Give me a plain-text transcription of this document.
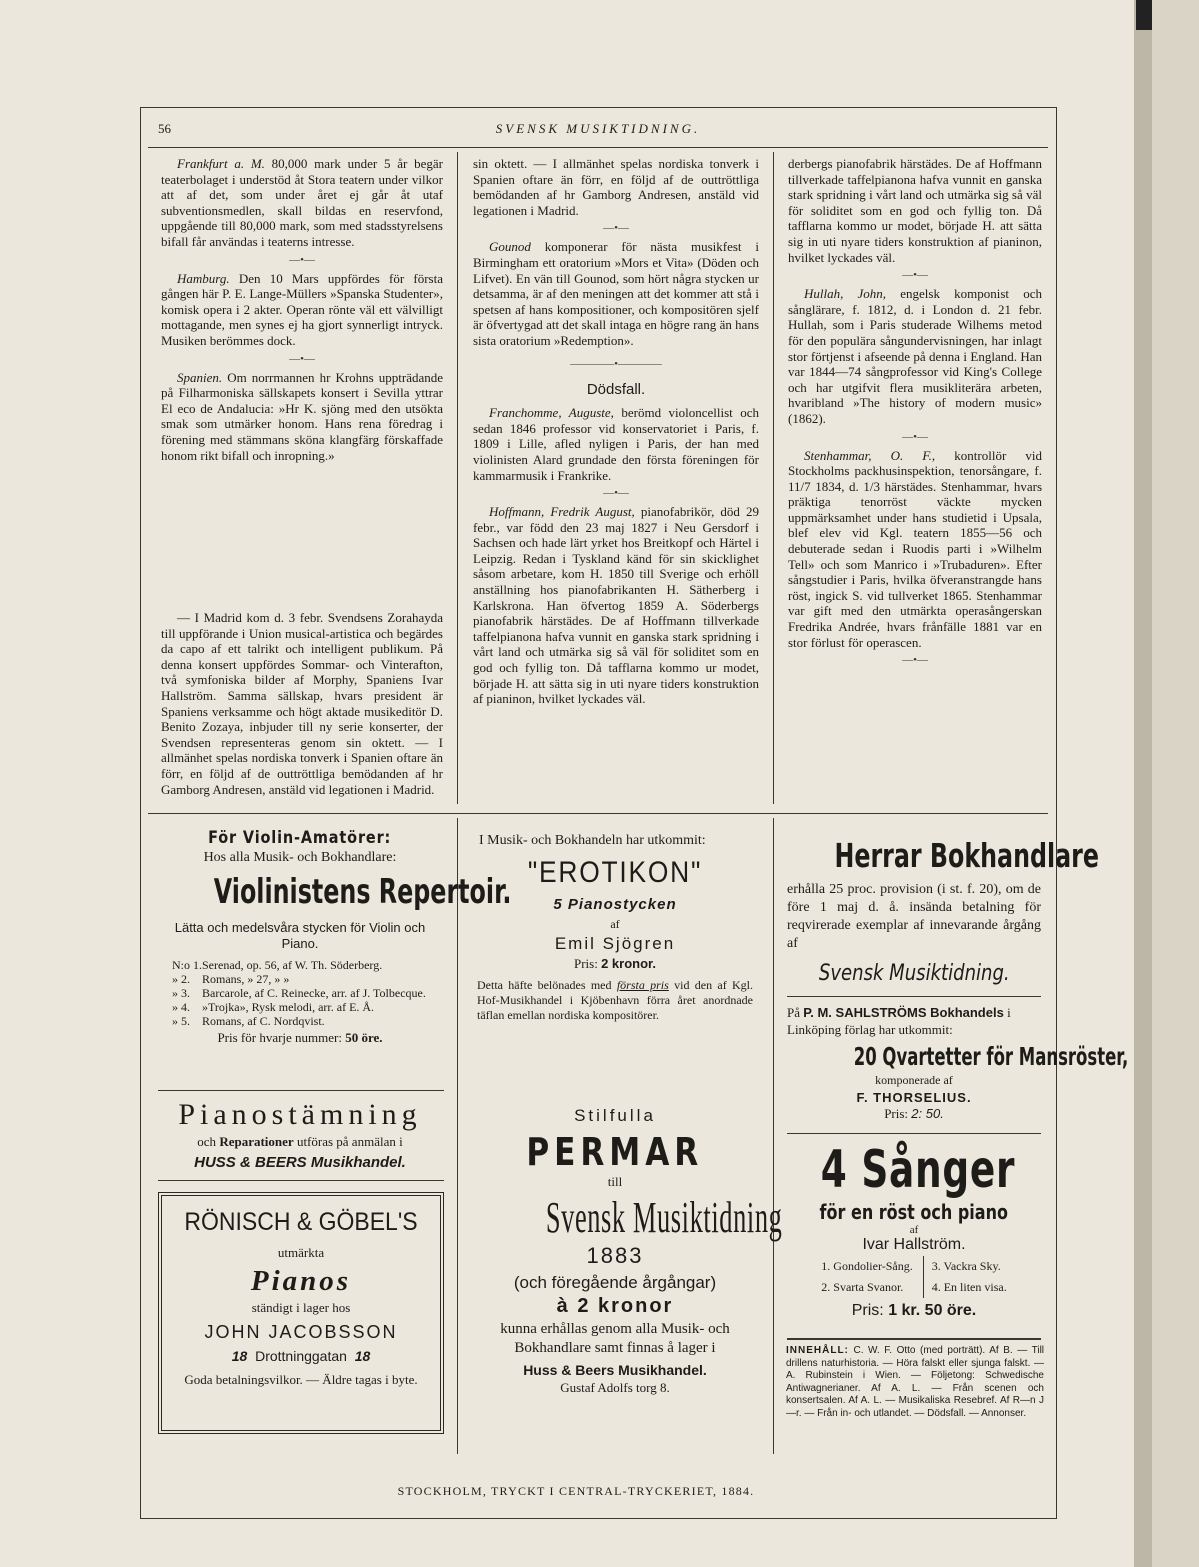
56	SVENSK MUSIKTIDNING.

Frankfurt a. M. 80,000 mark under 5 år begär teaterbolaget i understöd åt Stora teatern under vilkor att af det, som under året ej går åt utaf subventionsmedlen, skall bildas en reservfond, uppgående till 80,000 mark, som med stadsstyrelsens bifall får användas i teaterns intresse.

—•—

Hamburg. Den 10 Mars uppfördes för första gången här P. E. Lange-Müllers »Spanska Studenter», komisk opera i 2 akter. Operan rönte väl ett välvilligt mottagande, men synes ej ha gjort synnerligt intryck. Musiken berömmes dock.

—•—

Spanien. Om norrmannen hr Krohns uppträdande på Filharmoniska sällskapets konsert i Sevilla yttrar El eco de Andalucia: »Hr K. sjöng med den utsökta smak som utmärker honom. Hans rena föredrag i förening med stämmans sköna klangfärg förskaffade honom rikt bifall och inropning.»

— I Madrid kom d. 3 febr. Svendsens Zorahayda till uppförande i Union musical-artistica och begärdes da capo af ett talrikt och intelligent publikum. På denna konsert uppfördes Sommar- och Vinterafton, två symfoniska bilder af Morphy, Spaniens Ivar Hallström. Samma sällskap, hvars president är Spaniens verksamme och högt aktade musikeditör D. Benito Zozaya, inbjuder till ny serie konserter, der Svendsen representeras genom sin oktett. — I allmänhet spelas nordiska tonverk i Spanien oftare än förr, en följd af de outtröttliga bemödanden af hr Gamborg Andresen, anstäld vid legationen i Madrid.

sin oktett. — I allmänhet spelas nordiska tonverk i Spanien oftare än förr, en följd af de outtröttliga bemödanden af hr Gamborg Andresen, anstäld vid legationen i Madrid.

—•—

Gounod komponerar för nästa musikfest i Birmingham ett oratorium »Mors et Vita» (Döden och Lifvet). En vän till Gounod, som hört några stycken ur detsamma, är af den meningen att det kommer att stå i spetsen af hans kompositioner, och kompositören sjelf är öfvertygad att det skall intaga en högre rang än hans sista oratorium »Redemption».

————•————
Dödsfall.

Franchomme, Auguste, berömd violoncellist och sedan 1846 professor vid konservatoriet i Paris, f. 1809 i Lille, afled nyligen i Paris, der han med violinisten Alard grundade den första föreningen för kammarmusik i Frankrike.

—•—

Hoffmann, Fredrik August, pianofabrikör, död 29 febr., var född den 23 maj 1827 i Neu Gersdorf i Sachsen och hade lärt yrket hos Breitkopf och Härtel i Leipzig. Redan i Tyskland känd för sin skicklighet såsom arbetare, kom H. 1850 till Sverige och erhöll anställning hos pianofabrikanten H. Sätherberg i Karlskrona. Han öfvertog 1859 A. Söderbergs pianofabrik härstädes. De af Hoffmann tillverkade taffelpianona hafva vunnit en ganska stark spridning i vårt land och utmärka sig så väl för soliditet som en god och fyllig ton. Då tafflarna kommo ur modet, började H. att sätta sig in uti nyare tiders konstruktion af pianinon, hvilket lyckades väl.

derbergs pianofabrik härstädes. De af Hoffmann tillverkade taffelpianona hafva vunnit en ganska stark spridning i vårt land och utmärka sig så väl för soliditet som en god och fyllig ton. Då tafflarna kommo ur modet, började H. att sätta sig in uti nyare tiders konstruktion af pianinon, hvilket lyckades väl.

—•—

Hullah, John, engelsk komponist och sånglärare, f. 1812, d. i London d. 21 febr. Hullah, som i Paris studerade Wilhems metod för den populära sångundervisningen, har inlagt stor förtjenst i afseende på denna i England. Han var 1844—74 sångprofessor vid King's College och har utgifvit flera musikliterära arbeten, hvaribland »The history of modern music» (1862).

—•—

Stenhammar, O. F., kontrollör vid Stockholms packhusinspektion, tenorsångare, f. 11/7 1834, d. 1/3 härstädes. Stenhammar, hvars präktiga tenorröst väckte mycken uppmärksamhet under hans studietid i Upsala, blef elev vid Kgl. teatern 1855—56 och debuterade sedan i Ruodis parti i »Wilhelm Tell» och som Manrico i »Trubaduren». Efter sångstudier i Paris, hvilka öfveranstrangde hans röst, ingick S. vid tullverket 1865. Stenhammar var gift med den utmärkta operasångerskan Fredrika Andrée, hvars frånfälle 1881 var en stor förlust för operascen.

—•—
För Violin-Amatörer:
Hos alla Musik- och Bokhandlare:
Violinistens Repertoir.
Lätta och medelsvåra stycken för Violin och Piano.
N:o 1. Serenad, op. 56, af W. Th. Söderberg.
» 2.	Romans, » 27, » »
» 3.	Barcarole, af C. Reinecke, arr. af J. Tolbecque.
» 4.	»Trojka», Rysk melodi, arr. af E. Å.
» 5.	Romans, af C. Nordqvist.
Pris för hvarje nummer: 50 öre.
Pianostämning
och Reparationer utföras på anmälan i
HUSS & BEERS Musikhandel.
RÖNISCH & GÖBEL'S
utmärkta
Pianos
ständigt i lager hos
JOHN JACOBSSON
18 Drottninggatan 18
Goda betalningsvilkor. — Äldre tagas i byte.
I Musik- och Bokhandeln har utkommit:
"EROTIKON"
5 Pianostycken
af
Emil Sjögren
Pris: 2 kronor.
Detta häfte belönades med första pris vid den af Kgl. Hof-Musikhandel i Kjöbenhavn förra året anordnade täflan emellan nordiska kompositörer.
Stilfulla
PERMAR
till
Svensk Musiktidning
1883
(och föregående årgångar)
à 2 kronor
kunna erhållas genom alla Musik- och Bokhandlare samt finnas å lager i
Huss & Beers Musikhandel.
Gustaf Adolfs torg 8.
Herrar Bokhandlare
erhålla 25 proc. provision (i st. f. 20), om de före 1 maj d. å. insända betalning för reqvirerade exemplar af innevarande årgång af
Svensk Musiktidning.
På P. M. SAHLSTRÖMS Bokhandels i Linköping förlag har utkommit:
20 Qvartetter för Mansröster,
komponerade af
F. THORSELIUS.
Pris: 2: 50.
4 Sånger
för en röst och piano
af
Ivar Hallström.
1. Gondolier-Sång.
2. Svarta Svanor.
3. Vackra Sky.
4. En liten visa.
Pris: 1 kr. 50 öre.
INNEHÅLL: C. W. F. Otto (med porträtt). Af B. — Till drillens naturhistoria. — Höra falskt eller sjunga falskt. — A. Rubinstein i Wien. — Följetong: Schwedische Antiwagnerianer. Af A. L. — Från scenen och konsertsalen. Af A. L. — Musikaliska Resebref. Af R—n J—r. — Från in- och utlandet. — Dödsfall. — Annonser.
STOCKHOLM, TRYCKT I CENTRAL-TRYCKERIET, 1884.
